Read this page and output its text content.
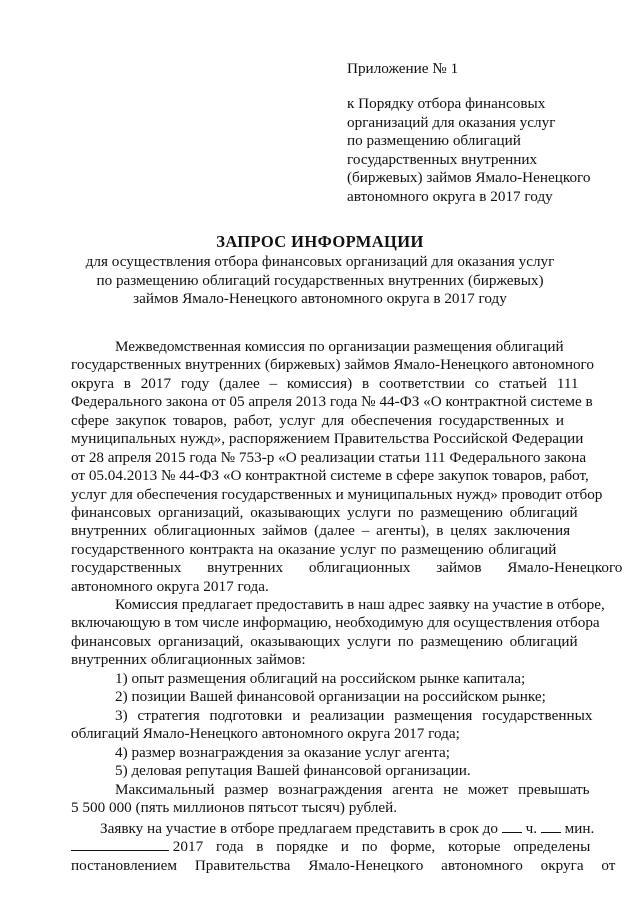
Приложение № 1
к Порядку отбора финансовых
организаций для оказания услуг
по размещению облигаций
государственных внутренних
(биржевых) займов Ямало-Ненецкого
автономного округа в 2017 году
ЗАПРОС ИНФОРМАЦИИ
для осуществления отбора финансовых организаций для оказания услуг
по размещению облигаций государственных внутренних (биржевых)
займов Ямало-Ненецкого автономного округа в 2017 году
Межведомственная комиссия по организации размещения облигаций
государственных внутренних (биржевых) займов Ямало-Ненецкого автономного
округа в 2017 году (далее – комиссия) в соответствии со статьей 111
Федерального закона от 05 апреля 2013 года № 44-ФЗ «О контрактной системе в
сфере закупок товаров, работ, услуг для обеспечения государственных и
муниципальных нужд», распоряжением Правительства Российской Федерации
от 28 апреля 2015 года № 753-р «О реализации статьи 111 Федерального закона
от 05.04.2013 № 44-ФЗ «О контрактной системе в сфере закупок товаров, работ,
услуг для обеспечения государственных и муниципальных нужд» проводит отбор
финансовых организаций, оказывающих услуги по размещению облигаций
внутренних облигационных займов (далее – агенты), в целях заключения
государственного контракта на оказание услуг по размещению облигаций
государственных внутренних облигационных займов Ямало-Ненецкого
автономного округа 2017 года.
Комиссия предлагает предоставить в наш адрес заявку на участие в отборе,
включающую в том числе информацию, необходимую для осуществления отбора
финансовых организаций, оказывающих услуги по размещению облигаций
внутренних облигационных займов:
1) опыт размещения облигаций на российском рынке капитала;
2) позиции Вашей финансовой организации на российском рынке;
3) стратегия подготовки и реализации размещения государственных
облигаций Ямало-Ненецкого автономного округа 2017 года;
4) размер вознаграждения за оказание услуг агента;
5) деловая репутация Вашей финансовой организации.
Максимальный размер вознаграждения агента не может превышать
5 500 000 (пять миллионов пятьсот тысяч) рублей.
Заявку на участие в отборе предлагаем представить в срок до ч. мин.
2017 года в порядке и по форме, которые определены
постановлением Правительства Ямало-Ненецкого автономного округа от
